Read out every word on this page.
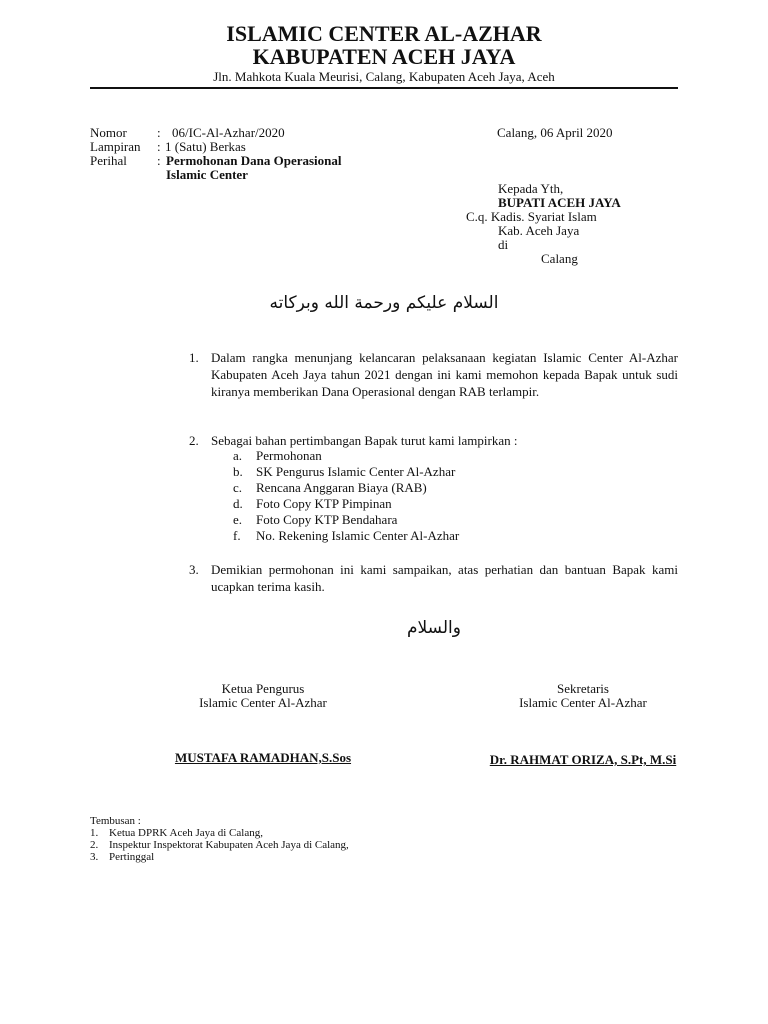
ISLAMIC CENTER AL-AZHAR
KABUPATEN ACEH JAYA
Jln. Mahkota Kuala Meurisi, Calang, Kabupaten Aceh Jaya, Aceh
Nomor : 06/IC-Al-Azhar/2020	Calang, 06 April 2020
Lampiran : 1 (Satu) Berkas
Perihal : Permohonan Dana Operasional
Islamic Center
Kepada Yth,
BUPATI ACEH JAYA
C.q. Kadis. Syariat Islam
Kab. Aceh Jaya
di
Calang
السلام عليكم ورحمة الله وبركاته
1. Dalam rangka menunjang kelancaran pelaksanaan kegiatan Islamic Center Al-Azhar Kabupaten Aceh Jaya tahun 2021 dengan ini kami memohon kepada Bapak untuk sudi kiranya memberikan Dana Operasional dengan RAB terlampir.
2. Sebagai bahan pertimbangan Bapak turut kami lampirkan :
a. Permohonan
b. SK Pengurus Islamic Center Al-Azhar
c. Rencana Anggaran Biaya (RAB)
d. Foto Copy KTP Pimpinan
e. Foto Copy KTP Bendahara
f. No. Rekening Islamic Center Al-Azhar
3. Demikian permohonan ini kami sampaikan, atas perhatian dan bantuan Bapak kami ucapkan terima kasih.
والسلام
Ketua Pengurus
Islamic Center Al-Azhar
MUSTAFA RAMADHAN,S.Sos
Sekretaris
Islamic Center Al-Azhar
Dr. RAHMAT ORIZA, S.Pt, M.Si
Tembusan :
1. Ketua DPRK Aceh Jaya di Calang,
2. Inspektur Inspektorat Kabupaten Aceh Jaya di Calang,
3. Pertinggal
